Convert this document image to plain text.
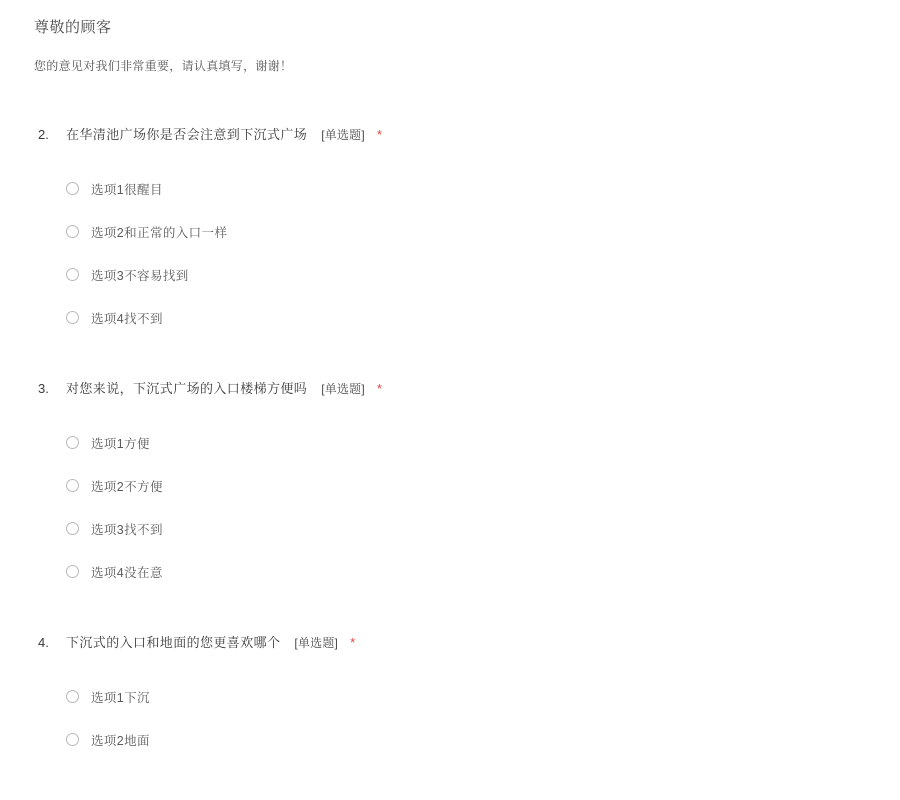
尊敬的顾客
您的意见对我们非常重要，请认真填写，谢谢！
2.	在华清池广场你是否会注意到下沉式广场 [单选题] *
选项1很醒目
选项2和正常的入口一样
选项3不容易找到
选项4找不到
3.	对您来说，下沉式广场的入口楼梯方便吗 [单选题] *
选项1方便
选项2不方便
选项3找不到
选项4没在意
4.	下沉式的入口和地面的您更喜欢哪个 [单选题] *
选项1下沉
选项2地面
